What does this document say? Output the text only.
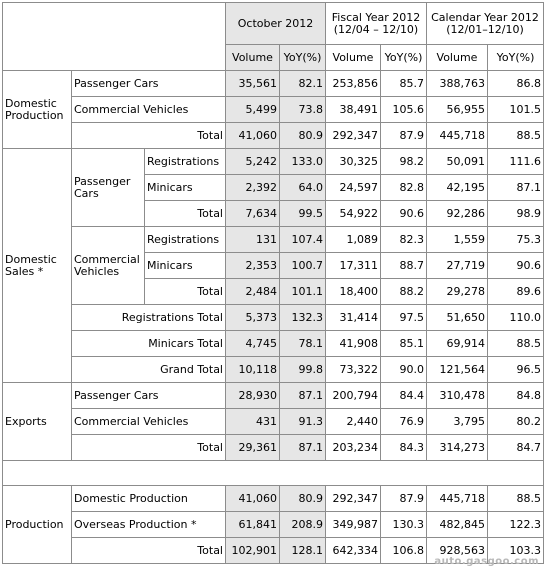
			October 2012		Fiscal Year 2012 (12/04 – 12/10)		Calendar Year 2012 (12/01–12/10)	
			Volume	YoY(%)	Volume	YoY(%)	Volume	YoY(%)
Domestic Production	Passenger Cars		35,561	82.1	253,856	85.7	388,763	86.8
	Commercial Vehicles		5,499	73.8	38,491	105.6	56,955	101.5
	Total		41,060	80.9	292,347	87.9	445,718	88.5
Domestic Sales *	Passenger Cars	Registrations	5,242	133.0	30,325	98.2	50,091	111.6
		Minicars	2,392	64.0	24,597	82.8	42,195	87.1
		Total	7,634	99.5	54,922	90.6	92,286	98.9
	Commercial Vehicles	Registrations	131	107.4	1,089	82.3	1,559	75.3
		Minicars	2,353	100.7	17,311	88.7	27,719	90.6
		Total	2,484	101.1	18,400	88.2	29,278	89.6
	Registrations Total		5,373	132.3	31,414	97.5	51,650	110.0
	Minicars Total		4,745	78.1	41,908	85.1	69,914	88.5
	Grand Total		10,118	99.8	73,322	90.0	121,564	96.5
Exports	Passenger Cars		28,930	87.1	200,794	84.4	310,478	84.8
	Commercial Vehicles		431	91.3	2,440	76.9	3,795	80.2
	Total		29,361	87.1	203,234	84.3	314,273	84.7

Production	Domestic Production		41,060	80.9	292,347	87.9	445,718	88.5
	Overseas Production *		61,841	208.9	349,987	130.3	482,845	122.3
	Total		102,901	128.1	642,334	106.8	928,563	103.3
auto.gasgoo.com
